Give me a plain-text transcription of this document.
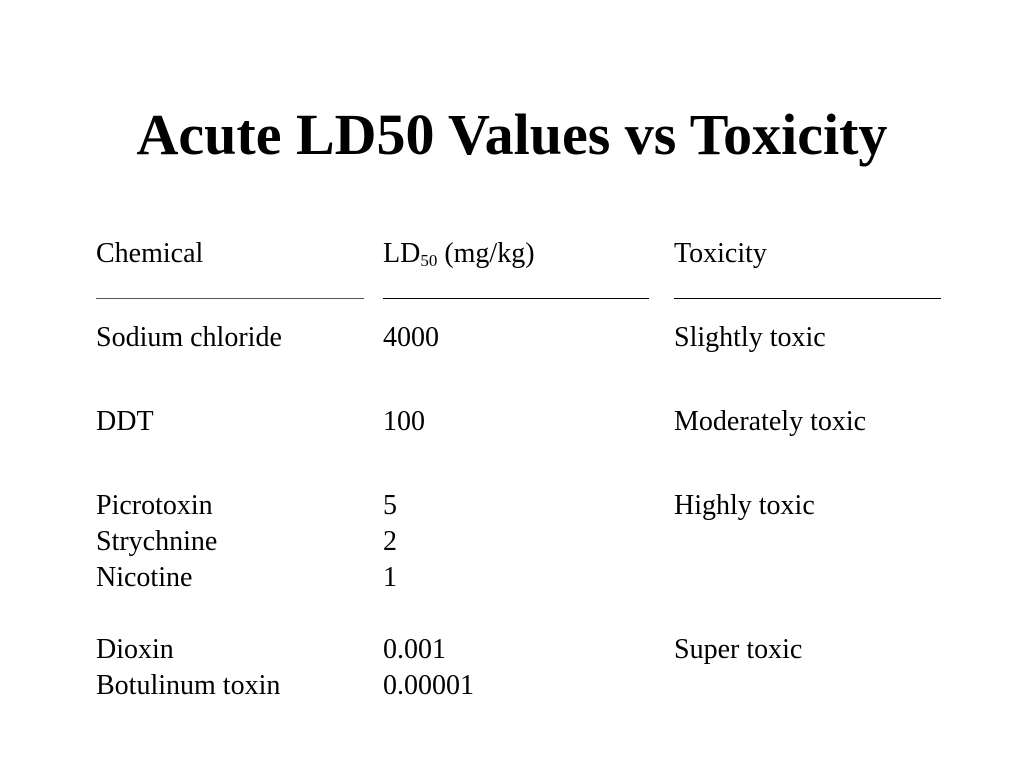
Acute LD50 Values vs Toxicity
Chemical	$LD_{50}$ (mg/kg)	Toxicity
Sodium chloride	4000	Slightly toxic
DDT	100	Moderately toxic
Picrotoxin	5	Highly toxic
Strychnine	2
Nicotine	1
Dioxin	0.001	Super toxic
Botulinum toxin	0.00001
